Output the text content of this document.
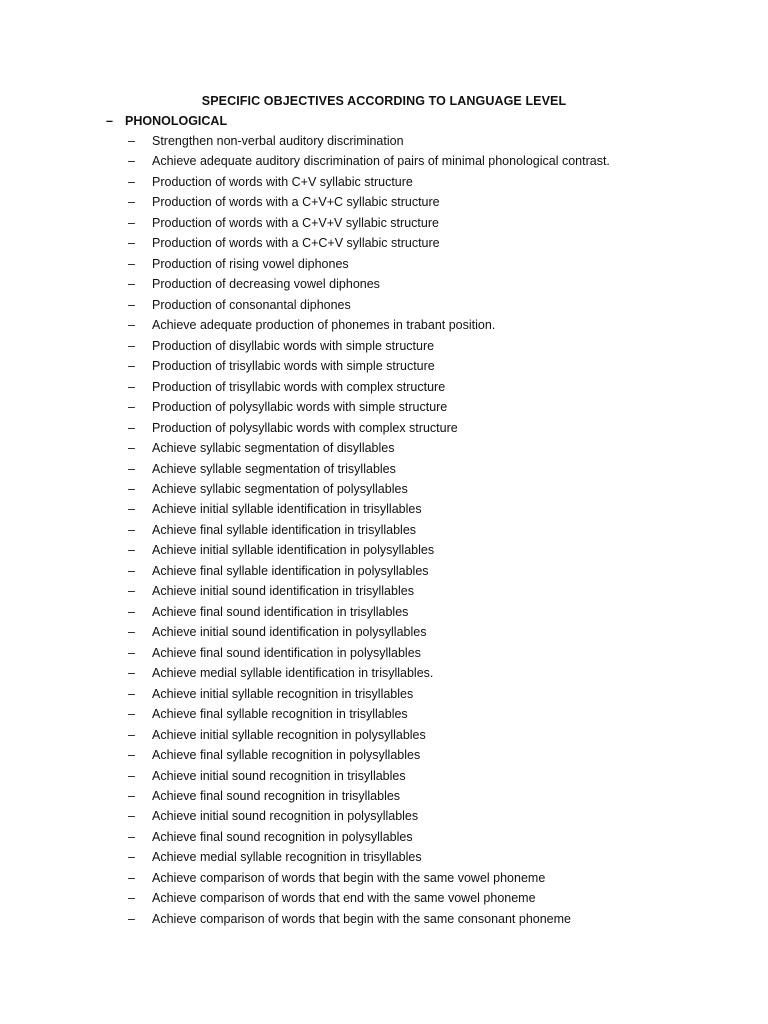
SPECIFIC OBJECTIVES ACCORDING TO LANGUAGE LEVEL
– PHONOLOGICAL
– Strengthen non-verbal auditory discrimination
– Achieve adequate auditory discrimination of pairs of minimal phonological contrast.
– Production of words with C+V syllabic structure
– Production of words with a C+V+C syllabic structure
– Production of words with a C+V+V syllabic structure
– Production of words with a C+C+V syllabic structure
– Production of rising vowel diphones
– Production of decreasing vowel diphones
– Production of consonantal diphones
– Achieve adequate production of phonemes in trabant position.
– Production of disyllabic words with simple structure
– Production of trisyllabic words with simple structure
– Production of trisyllabic words with complex structure
– Production of polysyllabic words with simple structure
– Production of polysyllabic words with complex structure
– Achieve syllabic segmentation of disyllables
– Achieve syllable segmentation of trisyllables
– Achieve syllabic segmentation of polysyllables
– Achieve initial syllable identification in trisyllables
– Achieve final syllable identification in trisyllables
– Achieve initial syllable identification in polysyllables
– Achieve final syllable identification in polysyllables
– Achieve initial sound identification in trisyllables
– Achieve final sound identification in trisyllables
– Achieve initial sound identification in polysyllables
– Achieve final sound identification in polysyllables
– Achieve medial syllable identification in trisyllables.
– Achieve initial syllable recognition in trisyllables
– Achieve final syllable recognition in trisyllables
– Achieve initial syllable recognition in polysyllables
– Achieve final syllable recognition in polysyllables
– Achieve initial sound recognition in trisyllables
– Achieve final sound recognition in trisyllables
– Achieve initial sound recognition in polysyllables
– Achieve final sound recognition in polysyllables
– Achieve medial syllable recognition in trisyllables
– Achieve comparison of words that begin with the same vowel phoneme
– Achieve comparison of words that end with the same vowel phoneme
– Achieve comparison of words that begin with the same consonant phoneme
